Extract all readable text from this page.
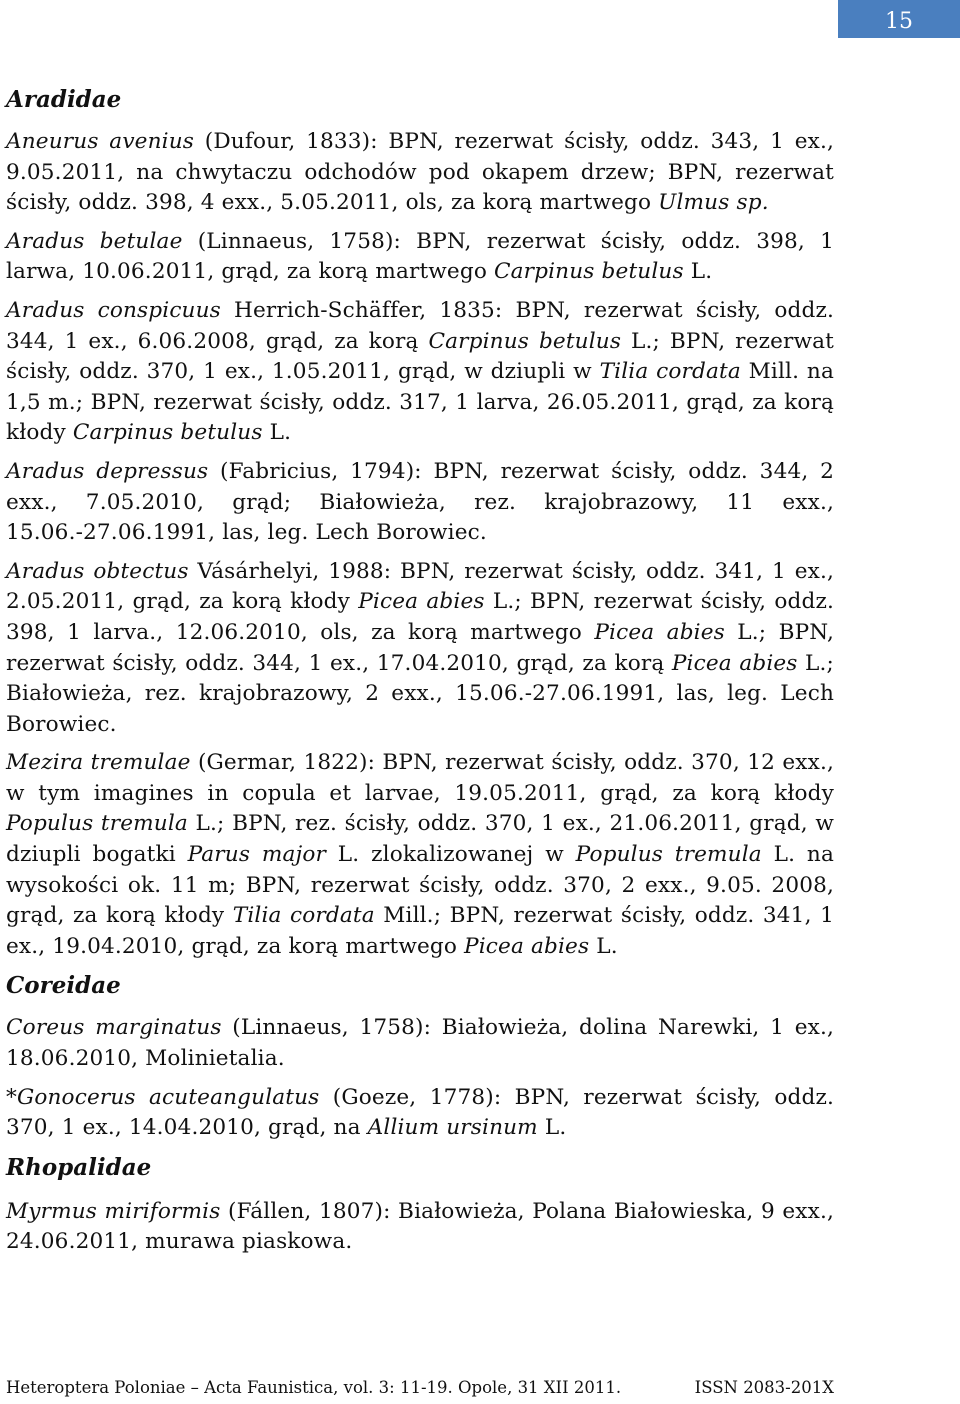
15
Aradidae

Aneurus avenius (Dufour, 1833): BPN, rezerwat ścisły, oddz. 343, 1 ex., 9.05.2011, na chwytaczu odchodów pod okapem drzew; BPN, rezerwat ścisły, oddz. 398, 4 exx., 5.05.2011, ols, za korą martwego Ulmus sp.

Aradus betulae (Linnaeus, 1758): BPN, rezerwat ścisły, oddz. 398, 1 larwa, 10.06.2011, grąd, za korą martwego Carpinus betulus L.

Aradus conspicuus Herrich-Schäffer, 1835: BPN, rezerwat ścisły, oddz. 344, 1 ex., 6.06.2008, grąd, za korą Carpinus betulus L.; BPN, rezerwat ścisły, oddz. 370, 1 ex., 1.05.2011, grąd, w dziupli w Tilia cordata Mill. na 1,5 m.; BPN, rezerwat ścisły, oddz. 317, 1 larva, 26.05.2011, grąd, za korą kłody Carpinus betulus L.

Aradus depressus (Fabricius, 1794): BPN, rezerwat ścisły, oddz. 344, 2 exx., 7.05.2010, grąd; Białowieża, rez. krajobrazowy, 11 exx., 15.06.-27.06.1991, las, leg. Lech Borowiec.

Aradus obtectus Vásárhelyi, 1988: BPN, rezerwat ścisły, oddz. 341, 1 ex., 2.05.2011, grąd, za korą kłody Picea abies L.; BPN, rezerwat ścisły, oddz. 398, 1 larva., 12.06.2010, ols, za korą martwego Picea abies L.; BPN, rezerwat ścisły, oddz. 344, 1 ex., 17.04.2010, grąd, za korą Picea abies L.; Białowieża, rez. krajobrazowy, 2 exx., 15.06.-27.06.1991, las, leg. Lech Borowiec.

Mezira tremulae (Germar, 1822): BPN, rezerwat ścisły, oddz. 370, 12 exx., w tym imagines in copula et larvae, 19.05.2011, grąd, za korą kłody Populus tremula L.; BPN, rez. ścisły, oddz. 370, 1 ex., 21.06.2011, grąd, w dziupli bogatki Parus major L. zlokalizowanej w Populus tremula L. na wysokości ok. 11 m; BPN, rezerwat ścisły, oddz. 370, 2 exx., 9.05. 2008, grąd, za korą kłody Tilia cordata Mill.; BPN, rezerwat ścisły, oddz. 341, 1 ex., 19.04.2010, grąd, za korą martwego Picea abies L.

Coreidae

Coreus marginatus (Linnaeus, 1758): Białowieża, dolina Narewki, 1 ex., 18.06.2010, Molinietalia.

*Gonocerus acuteangulatus (Goeze, 1778): BPN, rezerwat ścisły, oddz. 370, 1 ex., 14.04.2010, grąd, na Allium ursinum L.

Rhopalidae

Myrmus miriformis (Fállen, 1807): Białowieża, Polana Białowieska, 9 exx., 24.06.2011, murawa piaskowa.

Heteroptera Poloniae – Acta Faunistica, vol. 3: 11-19. Opole, 31 XII 2011.	ISSN 2083-201X
